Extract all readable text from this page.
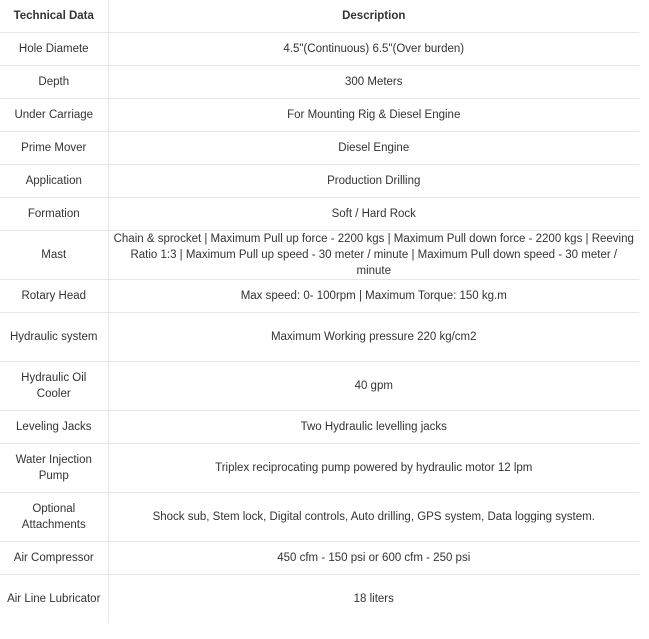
Technical Data	Description
Hole Diamete	4.5"(Continuous) 6.5"(Over burden)
Depth	300 Meters
Under Carriage	For Mounting Rig & Diesel Engine
Prime Mover	Diesel Engine
Application	Production Drilling
Formation	Soft / Hard Rock
Mast	Chain & sprocket | Maximum Pull up force - 2200 kgs | Maximum Pull down force - 2200 kgs | Reeving Ratio 1:3 | Maximum Pull up speed - 30 meter / minute | Maximum Pull down speed - 30 meter / minute
Rotary Head	Max speed: 0- 100rpm | Maximum Torque: 150 kg.m
Hydraulic system	Maximum Working pressure 220 kg/cm2
Hydraulic Oil Cooler	40 gpm
Leveling Jacks	Two Hydraulic levelling jacks
Water Injection Pump	Triplex reciprocating pump powered by hydraulic motor 12 lpm
Optional Attachments	Shock sub, Stem lock, Digital controls, Auto drilling, GPS system, Data logging system.
Air Compressor	450 cfm - 150 psi or 600 cfm - 250 psi
Air Line Lubricator	18 liters
